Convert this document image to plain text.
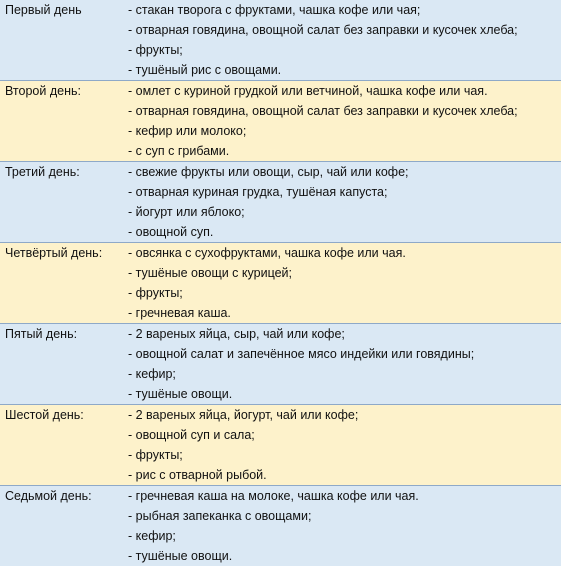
Первый день	- стакан творога с фруктами, чашка кофе или чая;
	- отварная говядина, овощной салат без заправки и кусочек хлеба;
	- фрукты;
	- тушёный рис с овощами.
Второй день:	- омлет с куриной грудкой или ветчиной, чашка кофе или чая.
	- отварная говядина, овощной салат без заправки и кусочек хлеба;
	- кефир или молоко;
	- с суп с грибами.
Третий день:	- свежие фрукты или овощи, сыр, чай или кофе;
	- отварная куриная грудка, тушёная капуста;
	- йогурт или яблоко;
	- овощной суп.
Четвёртый день:	- овсянка с сухофруктами, чашка кофе или чая.
	- тушёные овощи с курицей;
	- фрукты;
	- гречневая каша.
Пятый день:	- 2 вареных яйца, сыр, чай или кофе;
	- овощной салат и запечённое мясо индейки или говядины;
	- кефир;
	- тушёные овощи.
Шестой день:	- 2 вареных яйца, йогурт, чай или кофе;
	- овощной суп и сала;
	- фрукты;
	- рис с отварной рыбой.
Седьмой день:	- гречневая каша на молоке, чашка кофе или чая.
	- рыбная запеканка с овощами;
	- кефир;
	- тушёные овощи.
